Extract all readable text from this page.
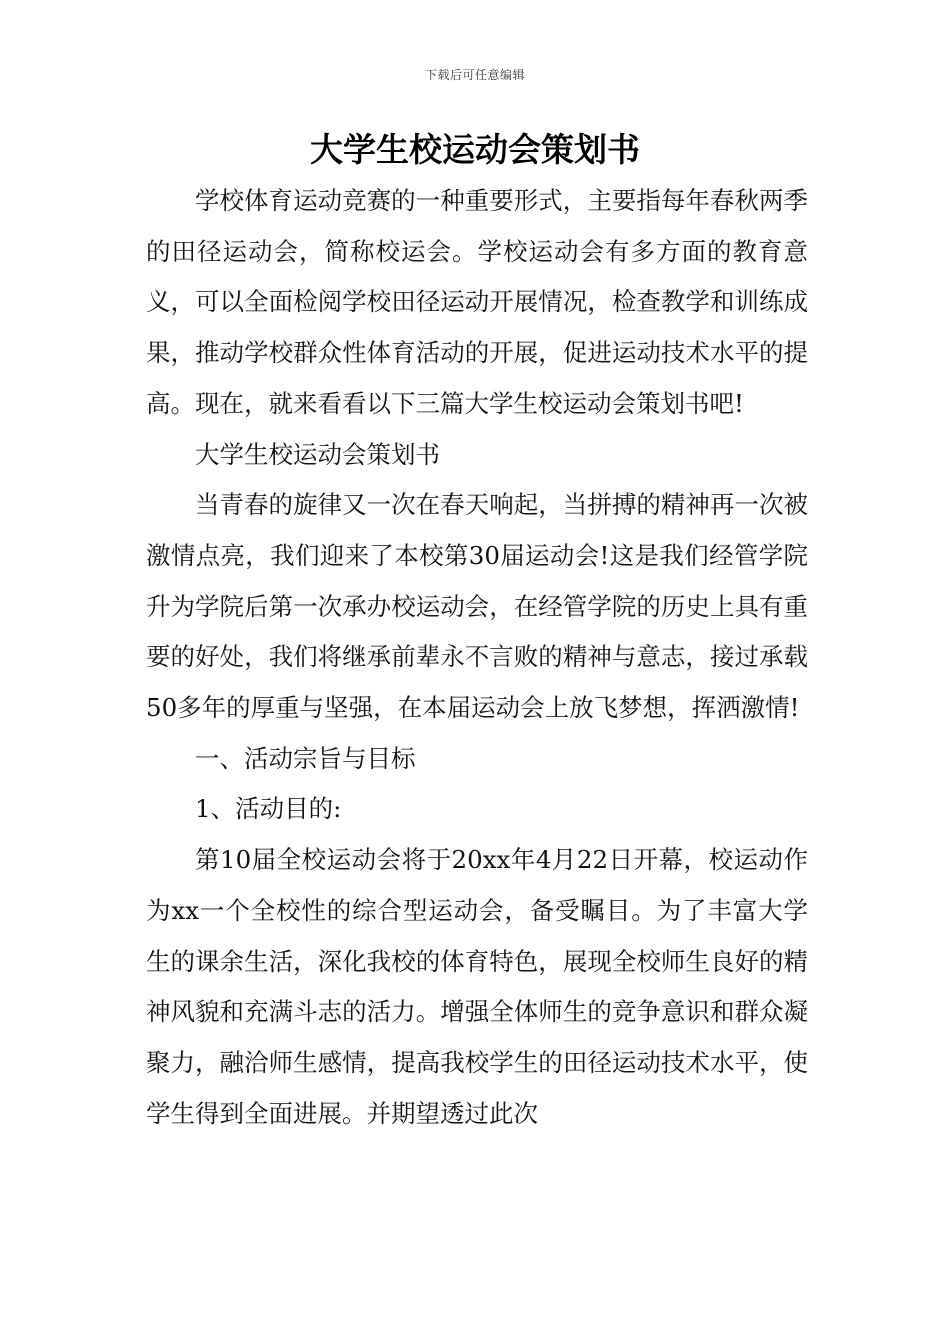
下载后可任意编辑
大学生校运动会策划书

学校体育运动竞赛的一种重要形式，主要指每年春秋两季的田径运动会，简称校运会。学校运动会有多方面的教育意义，可以全面检阅学校田径运动开展情况，检查教学和训练成果，推动学校群众性体育活动的开展，促进运动技术水平的提高。现在，就来看看以下三篇大学生校运动会策划书吧!

大学生校运动会策划书

当青春的旋律又一次在春天响起，当拼搏的精神再一次被激情点亮，我们迎来了本校第30届运动会!这是我们经管学院升为学院后第一次承办校运动会，在经管学院的历史上具有重要的好处，我们将继承前辈永不言败的精神与意志，接过承载50多年的厚重与坚强，在本届运动会上放飞梦想，挥洒激情!

一、活动宗旨与目标

1、活动目的:

第10届全校运动会将于20xx年4月22日开幕，校运动作为xx一个全校性的综合型运动会，备受瞩目。为了丰富大学生的课余生活，深化我校的体育特色，展现全校师生良好的精神风貌和充满斗志的活力。增强全体师生的竞争意识和群众凝聚力，融洽师生感情，提高我校学生的田径运动技术水平，使学生得到全面进展。并期望透过此次
